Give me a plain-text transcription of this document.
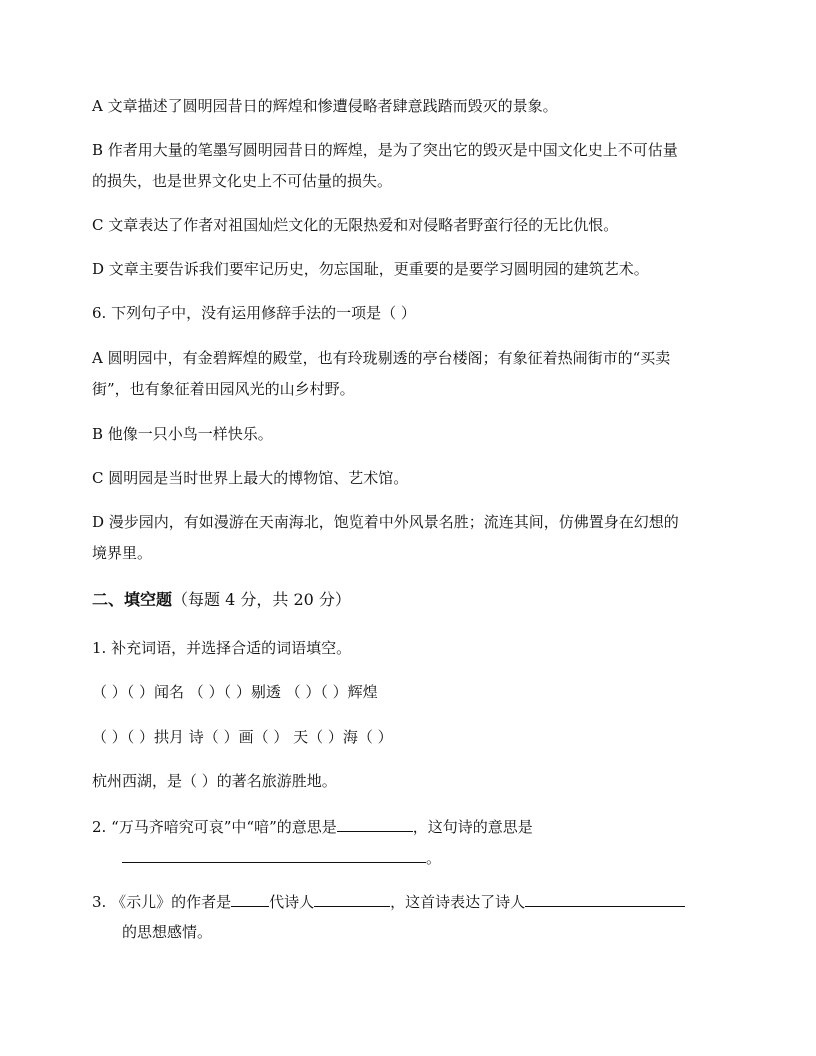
A 文章描述了圆明园昔日的辉煌和惨遭侵略者肆意践踏而毁灭的景象。
B 作者用大量的笔墨写圆明园昔日的辉煌，是为了突出它的毁灭是中国文化史上不可估量
的损失，也是世界文化史上不可估量的损失。
C 文章表达了作者对祖国灿烂文化的无限热爱和对侵略者野蛮行径的无比仇恨。
D 文章主要告诉我们要牢记历史，勿忘国耻，更重要的是要学习圆明园的建筑艺术。
6. 下列句子中，没有运用修辞手法的一项是（ ）
A 圆明园中，有金碧辉煌的殿堂，也有玲珑剔透的亭台楼阁；有象征着热闹街市的“买卖
街”，也有象征着田园风光的山乡村野。
B 他像一只小鸟一样快乐。
C 圆明园是当时世界上最大的博物馆、艺术馆。
D 漫步园内，有如漫游在天南海北，饱览着中外风景名胜；流连其间，仿佛置身在幻想的
境界里。
二、填空题（每题 4 分，共 20 分）
1. 补充词语，并选择合适的词语填空。
（ ）（ ）闻名 （ ）（ ）剔透 （ ）（ ）辉煌
（ ）（ ）拱月 诗（ ）画（ ） 天（ ）海（ ）
杭州西湖，是（ ）的著名旅游胜地。
2. “万马齐喑究可哀”中“喑”的意思是	，这句诗的意思是
。
3. 《示儿》的作者是	代诗人	，这首诗表达了诗人
的思想感情。
